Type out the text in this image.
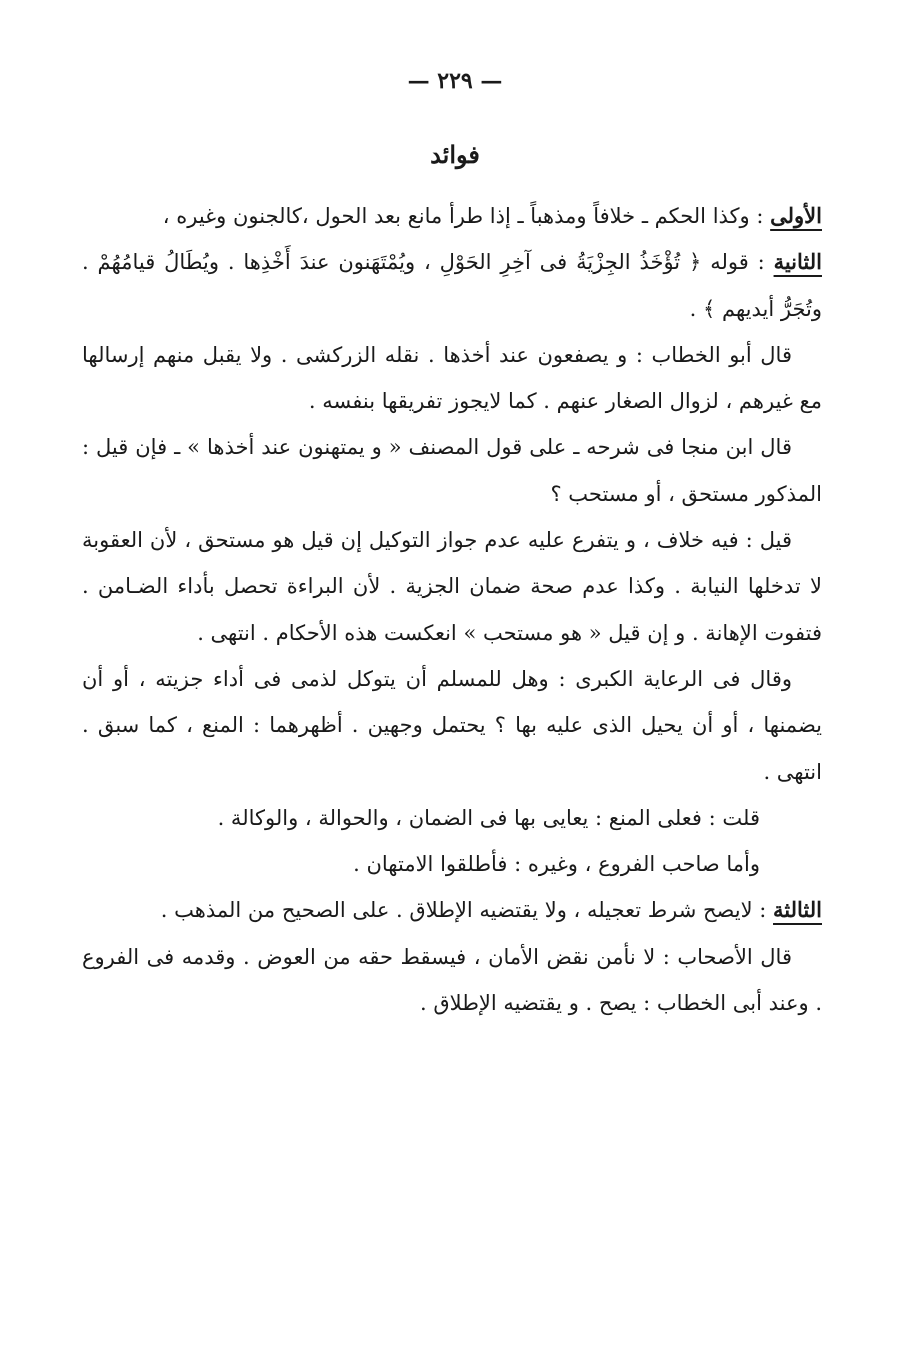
— ٢٢٩ —
فوائد

الأولى : وكذا الحكم ـ خلافاً ومذهباً ـ إذا طرأ مانع بعد الحول ،كالجنون وغيره ،

الثانية : قوله ﴿ تُؤْخَذُ الجِزْيَةُ فى آخِرِ الحَوْلِ ، ويُمْتَهَنون عندَ أَخْذِها . ويُطَالُ قيامُهُمْ . وتُجَرُّ أيديهم ﴾ .

قال أبو الخطاب : و يصفعون عند أخذها . نقله الزركشى . ولا يقبل منهم إرسالها مع غيرهم ، لزوال الصغار عنهم . كما لايجوز تفريقها بنفسه .

قال ابن منجا فى شرحه ـ على قول المصنف « و يمتهنون عند أخذها » ـ فإن قيل : المذكور مستحق ، أو مستحب ؟

قيل : فيه خلاف ، و يتفرع عليه عدم جواز التوكيل إن قيل هو مستحق ، لأن العقوبة لا تدخلها النيابة . وكذا عدم صحة ضمان الجزية . لأن البراءة تحصل بأداء الضـامن . فتفوت الإهانة . و إن قيل « هو مستحب » انعكست هذه الأحكام . انتهى .

وقال فى الرعاية الكبرى : وهل للمسلم أن يتوكل لذمى فى أداء جزيته ، أو أن يضمنها ، أو أن يحيل الذى عليه بها ؟ يحتمل وجهين . أظهرهما : المنع ، كما سبق . انتهى .

قلت : فعلى المنع : يعايى بها فى الضمان ، والحوالة ، والوكالة .

وأما صاحب الفروع ، وغيره : فأطلقوا الامتهان .

الثالثة : لايصح شرط تعجيله ، ولا يقتضيه الإطلاق . على الصحيح من المذهب .

قال الأصحاب : لا نأمن نقض الأمان ، فيسقط حقه من العوض . وقدمه فى الفروع . وعند أبى الخطاب : يصح . و يقتضيه الإطلاق .
